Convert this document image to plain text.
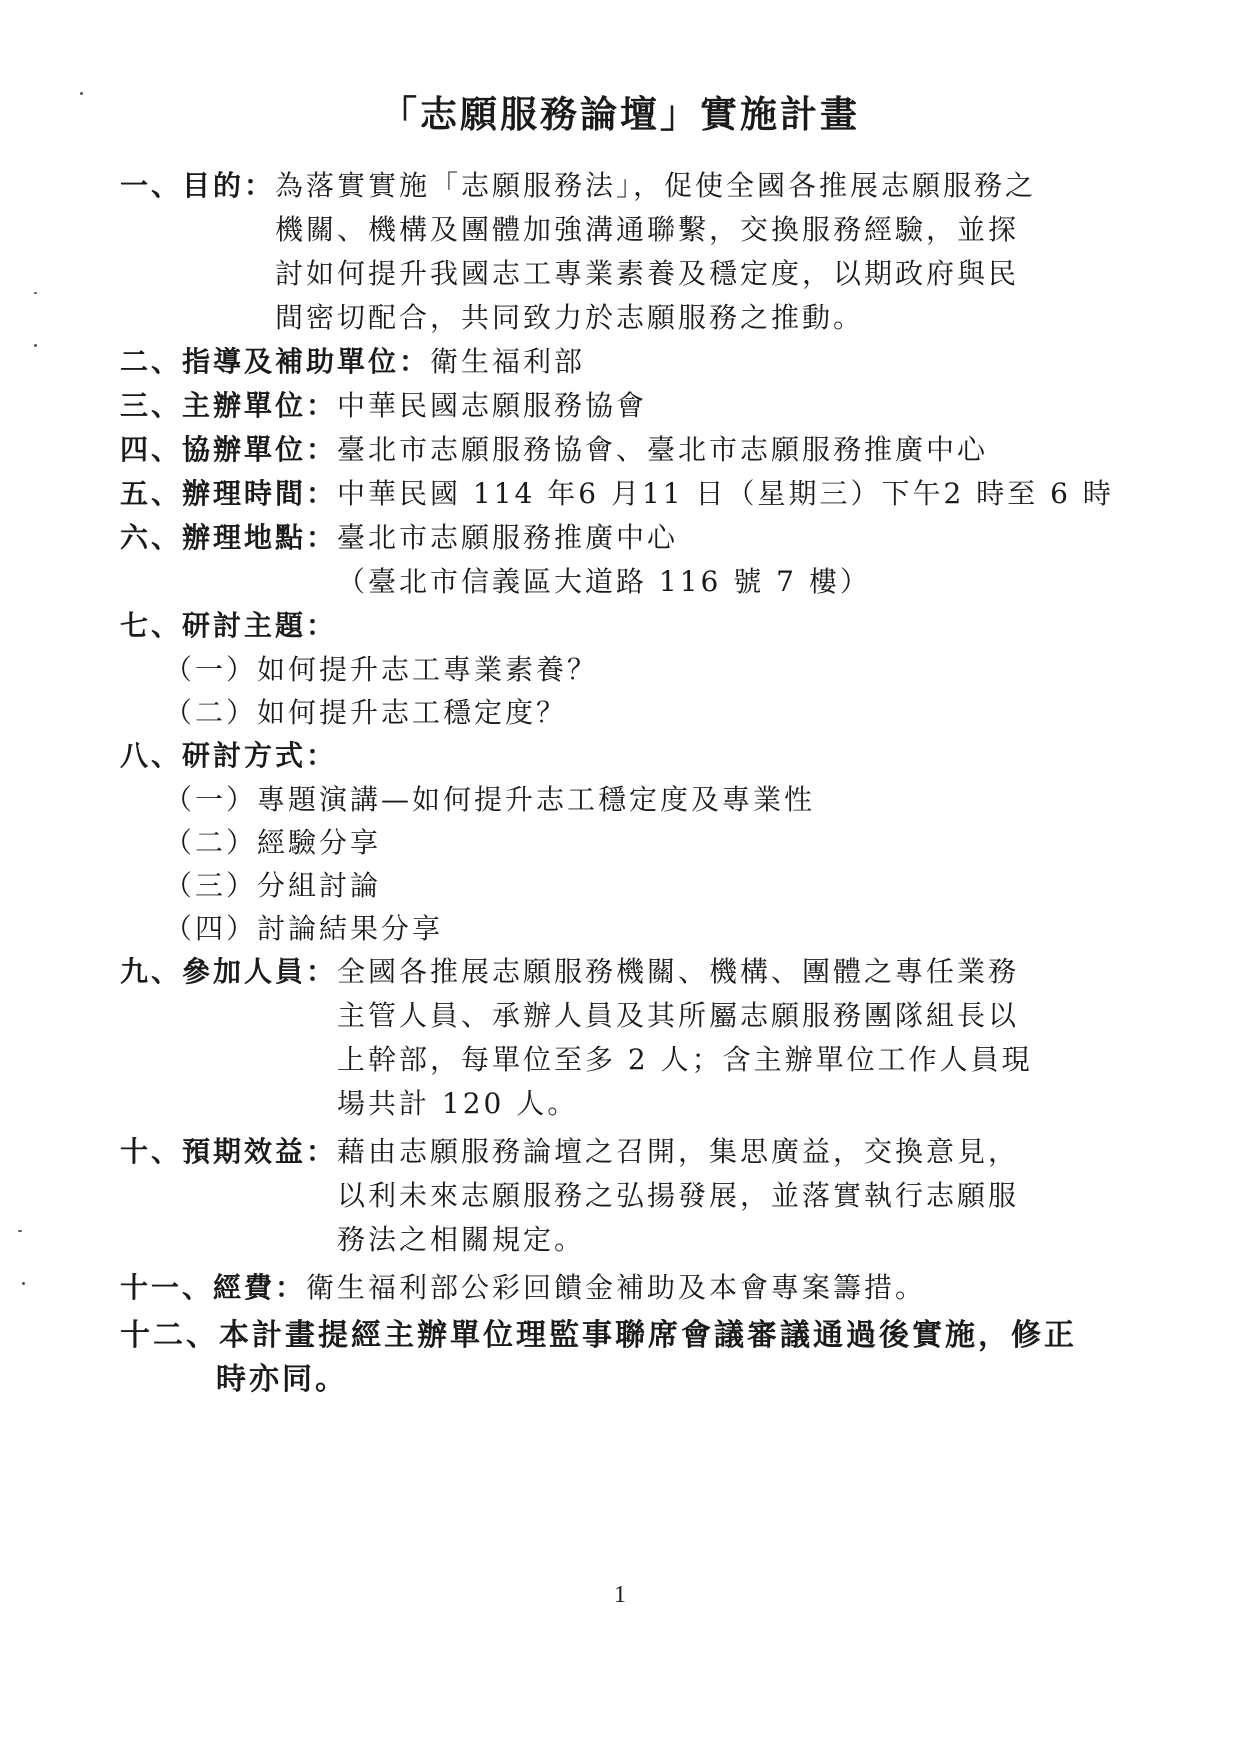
「志願服務論壇」實施計畫
一、目的： 為落實實施「志願服務法」，促使全國各推展志願服務之
機關、機構及團體加強溝通聯繫，交換服務經驗，並探
討如何提升我國志工專業素養及穩定度，以期政府與民
間密切配合，共同致力於志願服務之推動。
二、指導及補助單位： 衛生福利部
三、主辦單位： 中華民國志願服務協會
四、協辦單位： 臺北市志願服務協會、臺北市志願服務推廣中心
五、辦理時間： 中華民國 114 年6 月11 日（星期三）下午2 時至 6 時
六、辦理地點： 臺北市志願服務推廣中心
（臺北市信義區大道路 116 號 7 樓）
七、研討主題：
（一）如何提升志工專業素養？
（二）如何提升志工穩定度？
八、研討方式：
（一）專題演講—如何提升志工穩定度及專業性
（二）經驗分享
（三）分組討論
（四）討論結果分享
九、參加人員： 全國各推展志願服務機關、機構、團體之專任業務
主管人員、承辦人員及其所屬志願服務團隊組長以
上幹部，每單位至多 2 人；含主辦單位工作人員現
場共計 120 人。
十、預期效益： 藉由志願服務論壇之召開，集思廣益，交換意見，
以利未來志願服務之弘揚發展，並落實執行志願服
務法之相關規定。
十一、經費： 衛生福利部公彩回饋金補助及本會專案籌措。
十二、本計畫提經主辦單位理監事聯席會議審議通過後實施，修正
時亦同。
1
